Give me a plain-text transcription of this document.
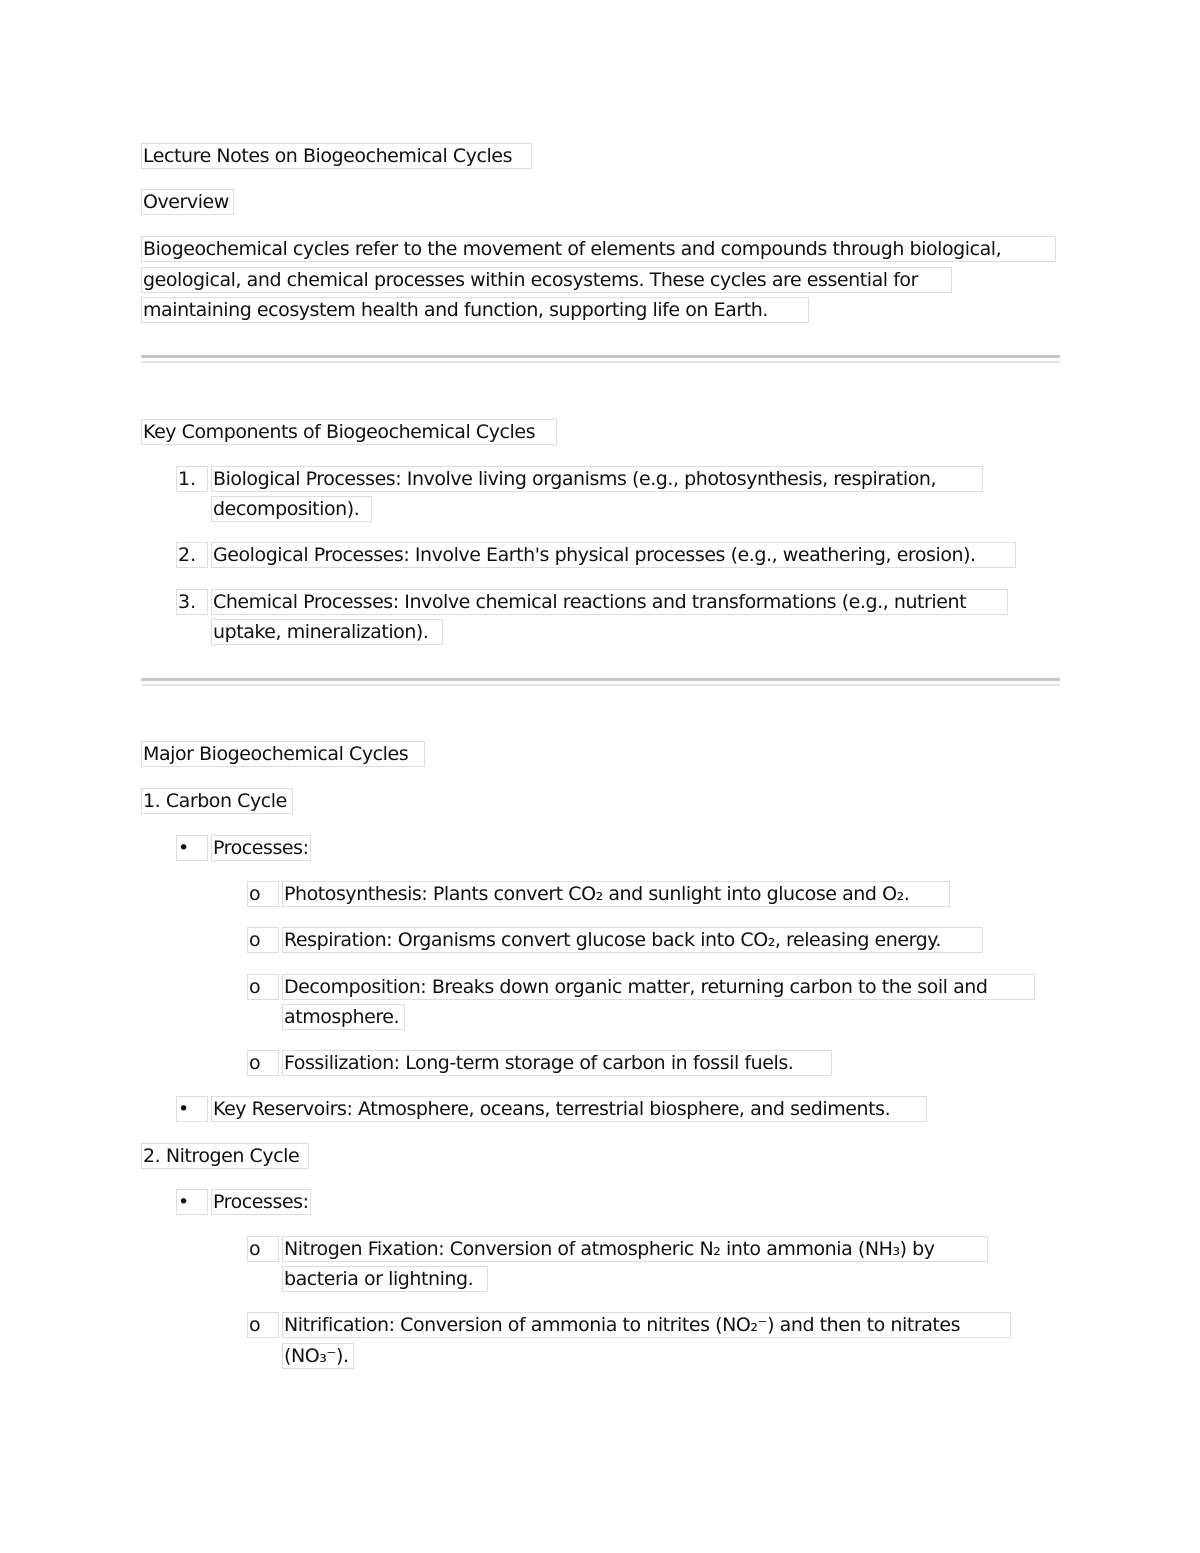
Lecture Notes on Biogeochemical Cycles
Overview
Biogeochemical cycles refer to the movement of elements and compounds through biological,
geological, and chemical processes within ecosystems. These cycles are essential for
maintaining ecosystem health and function, supporting life on Earth.
Key Components of Biogeochemical Cycles
1. Biological Processes: Involve living organisms (e.g., photosynthesis, respiration,
decomposition).
2. Geological Processes: Involve Earth's physical processes (e.g., weathering, erosion).
3. Chemical Processes: Involve chemical reactions and transformations (e.g., nutrient
uptake, mineralization).
Major Biogeochemical Cycles
1. Carbon Cycle
•	Processes:
o	Photosynthesis: Plants convert CO₂ and sunlight into glucose and O₂.
o	Respiration: Organisms convert glucose back into CO₂, releasing energy.
o	Decomposition: Breaks down organic matter, returning carbon to the soil and
atmosphere.
o	Fossilization: Long-term storage of carbon in fossil fuels.
•	Key Reservoirs: Atmosphere, oceans, terrestrial biosphere, and sediments.
2. Nitrogen Cycle
•	Processes:
o	Nitrogen Fixation: Conversion of atmospheric N₂ into ammonia (NH₃) by
bacteria or lightning.
o	Nitrification: Conversion of ammonia to nitrites (NO₂⁻) and then to nitrates
(NO₃⁻).
